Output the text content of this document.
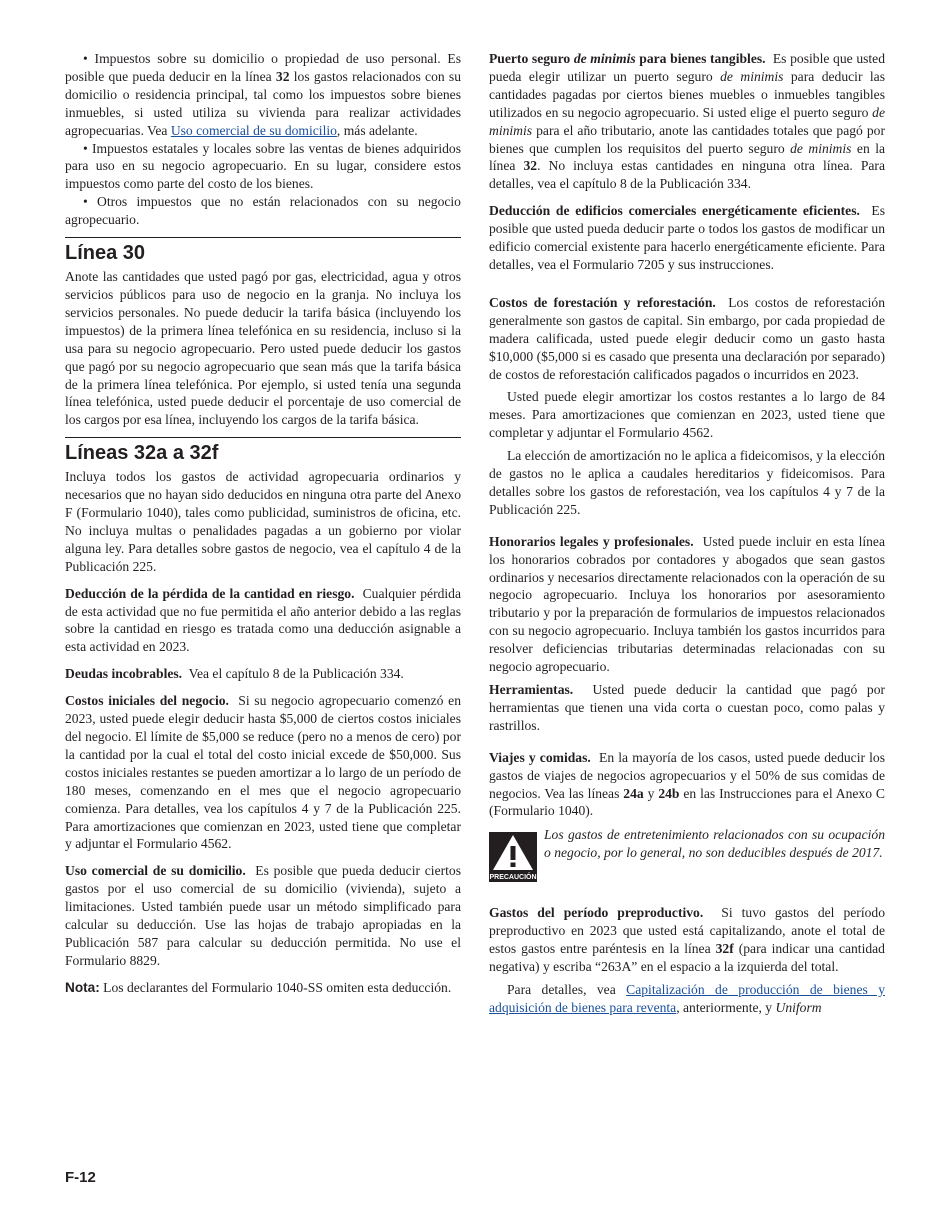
• Impuestos sobre su domicilio o propiedad de uso personal. Es posible que pueda deducir en la línea 32 los gastos relacionados con su domicilio o residencia principal, tal como los impuestos sobre bienes inmuebles, si usted utiliza su vivienda para realizar actividades agropecuarias. Vea Uso comercial de su domicilio, más adelante.

• Impuestos estatales y locales sobre las ventas de bienes adquiridos para uso en su negocio agropecuario. En su lugar, considere estos impuestos como parte del costo de los bienes.

• Otros impuestos que no están relacionados con su negocio agropecuario.

Línea 30

Anote las cantidades que usted pagó por gas, electricidad, agua y otros servicios públicos para uso de negocio en la granja. No incluya los servicios personales. No puede deducir la tarifa básica (incluyendo los impuestos) de la primera línea telefónica en su residencia, incluso si la usa para su negocio agropecuario. Pero usted puede deducir los gastos que pagó por su negocio agropecuario que sean más que la tarifa básica de la primera línea telefónica. Por ejemplo, si usted tenía una segunda línea telefónica, usted puede deducir el porcentaje de uso comercial de los cargos por esa línea, incluyendo los cargos de la tarifa básica.

Líneas 32a a 32f

Incluya todos los gastos de actividad agropecuaria ordinarios y necesarios que no hayan sido deducidos en ninguna otra parte del Anexo F (Formulario 1040), tales como publicidad, suministros de oficina, etc. No incluya multas o penalidades pagadas a un gobierno por violar alguna ley. Para detalles sobre gastos de negocio, vea el capítulo 4 de la Publicación 225.

Deducción de la pérdida de la cantidad en riesgo. Cualquier pérdida de esta actividad que no fue permitida el año anterior debido a las reglas sobre la cantidad en riesgo es tratada como una deducción asignable a esta actividad en 2023.

Deudas incobrables. Vea el capítulo 8 de la Publicación 334.

Costos iniciales del negocio. Si su negocio agropecuario comenzó en 2023, usted puede elegir deducir hasta $5,000 de ciertos costos iniciales del negocio. El límite de $5,000 se reduce (pero no a menos de cero) por la cantidad por la cual el total del costo inicial excede de $50,000. Sus costos iniciales restantes se pueden amortizar a lo largo de un período de 180 meses, comenzando en el mes que el negocio agropecuario comienza. Para detalles, vea los capítulos 4 y 7 de la Publicación 225. Para amortizaciones que comienzan en 2023, usted tiene que completar y adjuntar el Formulario 4562.

Uso comercial de su domicilio. Es posible que pueda deducir ciertos gastos por el uso comercial de su domicilio (vivienda), sujeto a limitaciones. Usted también puede usar un método simplificado para calcular su deducción. Use las hojas de trabajo apropiadas en la Publicación 587 para calcular su deducción permitida. No use el Formulario 8829.

Nota: Los declarantes del Formulario 1040-SS omiten esta deducción.

Puerto seguro de minimis para bienes tangibles. Es posible que usted pueda elegir utilizar un puerto seguro de minimis para deducir las cantidades pagadas por ciertos bienes muebles o inmuebles tangibles utilizados en su negocio agropecuario. Si usted elige el puerto seguro de minimis para el año tributario, anote las cantidades totales que pagó por bienes que cumplen los requisitos del puerto seguro de minimis en la línea 32. No incluya estas cantidades en ninguna otra línea. Para detalles, vea el capítulo 8 de la Publicación 334.

Deducción de edificios comerciales energéticamente eficientes. Es posible que usted pueda deducir parte o todos los gastos de modificar un edificio comercial existente para hacerlo energéticamente eficiente. Para detalles, vea el Formulario 7205 y sus instrucciones.

Costos de forestación y reforestación. Los costos de reforestación generalmente son gastos de capital. Sin embargo, por cada propiedad de madera calificada, usted puede elegir deducir como un gasto hasta $10,000 ($5,000 si es casado que presenta una declaración por separado) de costos de reforestación calificados pagados o incurridos en 2023.

Usted puede elegir amortizar los costos restantes a lo largo de 84 meses. Para amortizaciones que comienzan en 2023, usted tiene que completar y adjuntar el Formulario 4562.

La elección de amortización no le aplica a fideicomisos, y la elección de gastos no le aplica a caudales hereditarios y fideicomisos. Para detalles sobre los gastos de reforestación, vea los capítulos 4 y 7 de la Publicación 225.

Honorarios legales y profesionales. Usted puede incluir en esta línea los honorarios cobrados por contadores y abogados que sean gastos ordinarios y necesarios directamente relacionados con la operación de su negocio agropecuario. Incluya los honorarios por asesoramiento tributario y por la preparación de formularios de impuestos relacionados con su negocio agropecuario. Incluya también los gastos incurridos para resolver deficiencias tributarias determinadas relacionadas con su negocio agropecuario.

Herramientas. Usted puede deducir la cantidad que pagó por herramientas que tienen una vida corta o cuestan poco, como palas y rastrillos.

Viajes y comidas. En la mayoría de los casos, usted puede deducir los gastos de viajes de negocios agropecuarios y el 50% de sus comidas de negocios. Vea las líneas 24a y 24b en las Instrucciones para el Anexo C (Formulario 1040).

PRECAUCIÓN

Los gastos de entretenimiento relacionados con su ocupación o negocio, por lo general, no son deducibles después de 2017.

Gastos del período preproductivo. Si tuvo gastos del período preproductivo en 2023 que usted está capitalizando, anote el total de estos gastos entre paréntesis en la línea 32f (para indicar una cantidad negativa) y escriba “263A” en el espacio a la izquierda del total.

Para detalles, vea Capitalización de producción de bienes y adquisición de bienes para reventa, anteriormente, y Uniform

F-12
